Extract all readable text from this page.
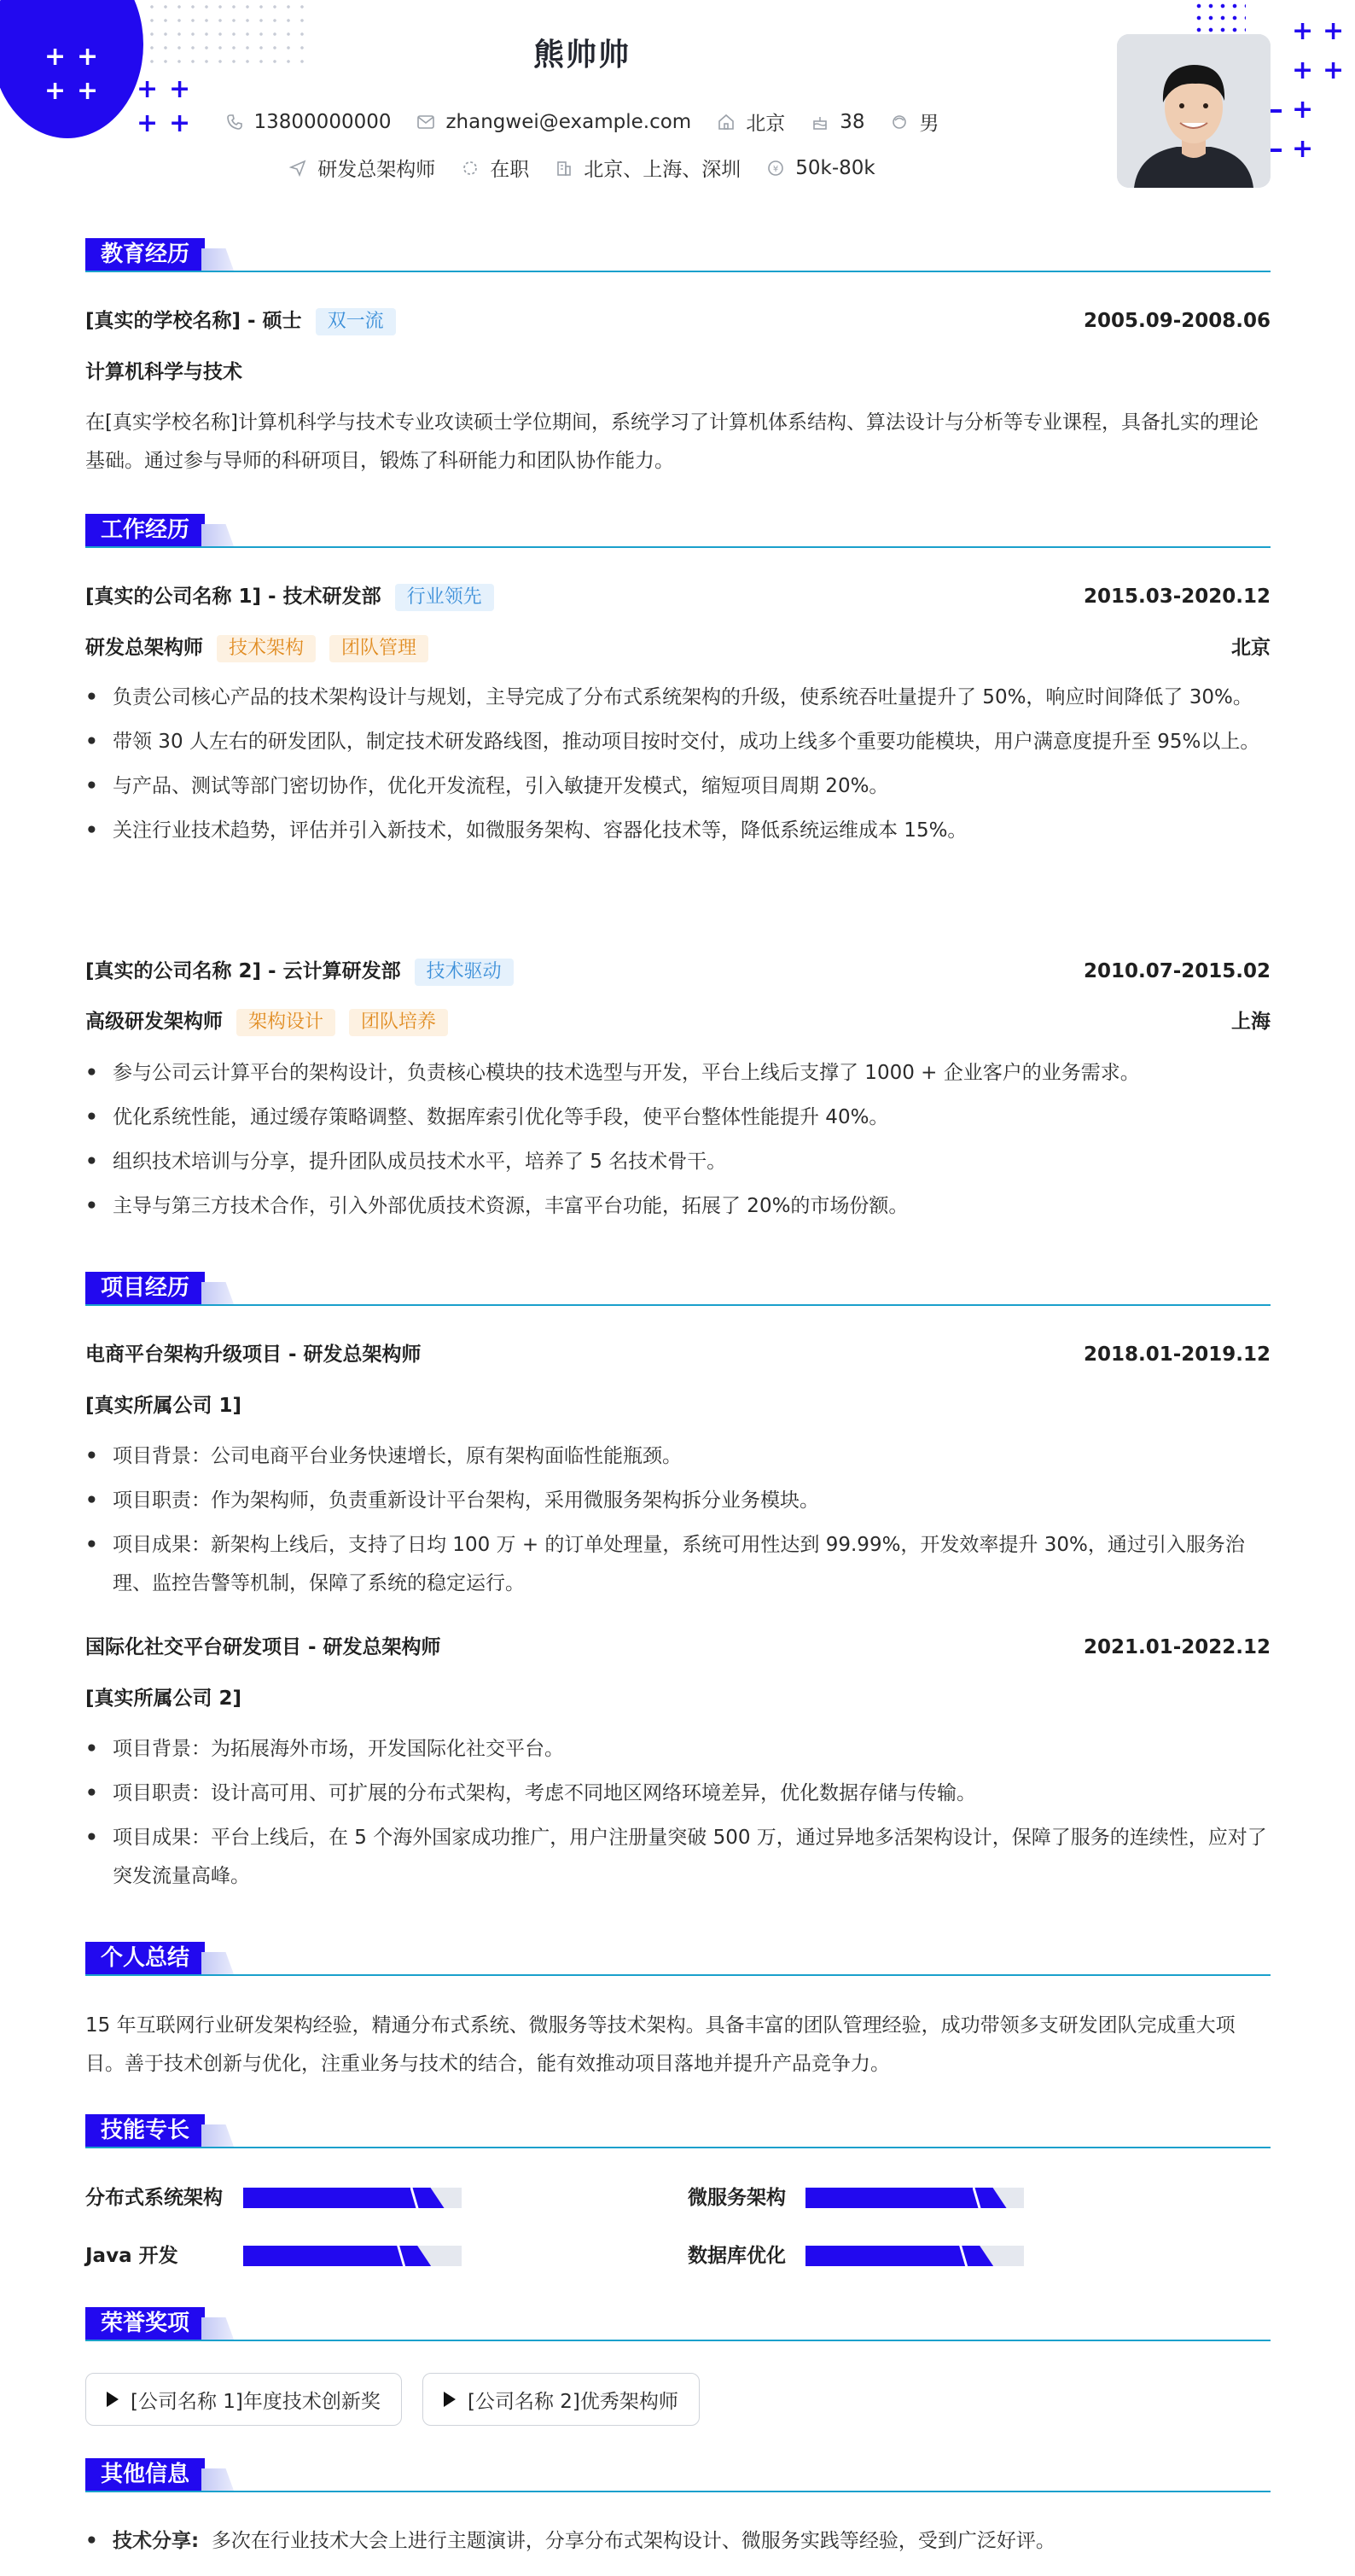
+ +
+ + + +
+ +
+ +
+ +
+
+
熊帅帅
13800000000	zhangwei@example.com	北京	38	男
研发总架构师	在职	北京、上海、深圳	¥ 50k-80k
教育经历
[真实的学校名称] - 硕士 双一流	2005.09-2008.06
计算机科学与技术
在[真实学校名称]计算机科学与技术专业攻读硕士学位期间，系统学习了计算机体系结构、算法设计与分析等专业课程，具备扎实的理论基础。通过参与导师的科研项目，锻炼了科研能力和团队协作能力。
工作经历
[真实的公司名称 1] - 技术研发部 行业领先	2015.03-2020.12
研发总架构师 技术架构 团队管理	北京
• 负责公司核心产品的技术架构设计与规划，主导完成了分布式系统架构的升级，使系统吞吐量提升了 50%，响应时间降低了 30%。
• 带领 30 人左右的研发团队，制定技术研发路线图，推动项目按时交付，成功上线多个重要功能模块，用户满意度提升至 95%以上。
• 与产品、测试等部门密切协作，优化开发流程，引入敏捷开发模式，缩短项目周期 20%。
• 关注行业技术趋势，评估并引入新技术，如微服务架构、容器化技术等，降低系统运维成本 15%。
[真实的公司名称 2] - 云计算研发部 技术驱动	2010.07-2015.02
高级研发架构师 架构设计 团队培养	上海
• 参与公司云计算平台的架构设计，负责核心模块的技术选型与开发，平台上线后支撑了 1000 + 企业客户的业务需求。
• 优化系统性能，通过缓存策略调整、数据库索引优化等手段，使平台整体性能提升 40%。
• 组织技术培训与分享，提升团队成员技术水平，培养了 5 名技术骨干。
• 主导与第三方技术合作，引入外部优质技术资源，丰富平台功能，拓展了 20%的市场份额。
项目经历
电商平台架构升级项目 - 研发总架构师	2018.01-2019.12
[真实所属公司 1]
• 项目背景：公司电商平台业务快速增长，原有架构面临性能瓶颈。
• 项目职责：作为架构师，负责重新设计平台架构，采用微服务架构拆分业务模块。
• 项目成果：新架构上线后，支持了日均 100 万 + 的订单处理量，系统可用性达到 99.99%，开发效率提升 30%，通过引入服务治理、监控告警等机制，保障了系统的稳定运行。
国际化社交平台研发项目 - 研发总架构师	2021.01-2022.12
[真实所属公司 2]
• 项目背景：为拓展海外市场，开发国际化社交平台。
• 项目职责：设计高可用、可扩展的分布式架构，考虑不同地区网络环境差异，优化数据存储与传输。
• 项目成果：平台上线后，在 5 个海外国家成功推广，用户注册量突破 500 万，通过异地多活架构设计，保障了服务的连续性，应对了突发流量高峰。
个人总结
15 年互联网行业研发架构经验，精通分布式系统、微服务等技术架构。具备丰富的团队管理经验，成功带领多支研发团队完成重大项目。善于技术创新与优化，注重业务与技术的结合，能有效推动项目落地并提升产品竞争力。
技能专长
分布式系统架构	微服务架构
Java 开发	数据库优化
荣誉奖项
[公司名称 1]年度技术创新奖	[公司名称 2]优秀架构师
其他信息
• 技术分享: 多次在行业技术大会上进行主题演讲，分享分布式架构设计、微服务实践等经验，受到广泛好评。
